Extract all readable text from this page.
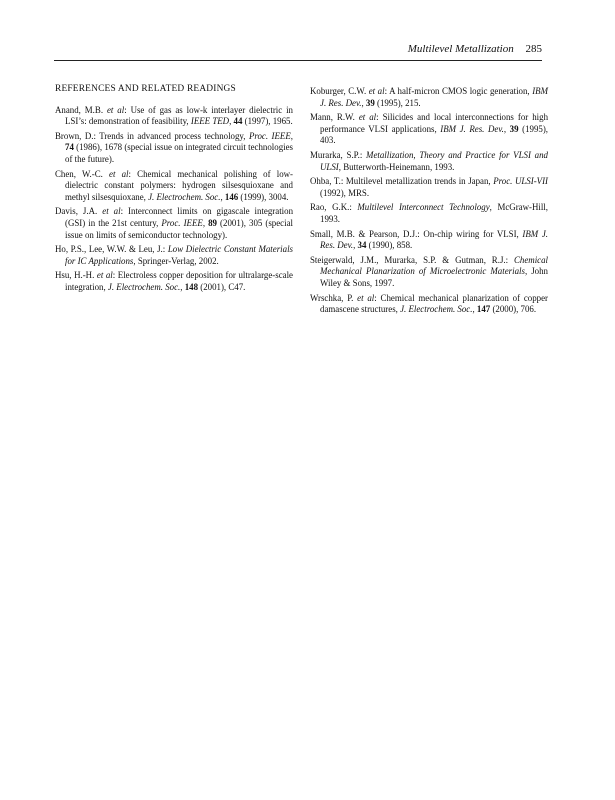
Multilevel Metallization 285
REFERENCES AND RELATED READINGS

Anand, M.B. et al: Use of gas as low-k interlayer dielectric in LSI’s: demonstration of feasibility, IEEE TED, 44 (1997), 1965.

Brown, D.: Trends in advanced process technology, Proc. IEEE, 74 (1986), 1678 (special issue on integrated circuit technologies of the future).

Chen, W.-C. et al: Chemical mechanical polishing of low-dielectric constant polymers: hydrogen silsesquioxane and methyl silsesquioxane, J. Electrochem. Soc., 146 (1999), 3004.

Davis, J.A. et al: Interconnect limits on gigascale integration (GSI) in the 21st century, Proc. IEEE, 89 (2001), 305 (special issue on limits of semiconductor technology).

Ho, P.S., Lee, W.W. & Leu, J.: Low Dielectric Constant Materials for IC Applications, Springer-Verlag, 2002.

Hsu, H.-H. et al: Electroless copper deposition for ultralarge-scale integration, J. Electrochem. Soc., 148 (2001), C47.

Koburger, C.W. et al: A half-micron CMOS logic generation, IBM J. Res. Dev., 39 (1995), 215.

Mann, R.W. et al: Silicides and local interconnections for high performance VLSI applications, IBM J. Res. Dev., 39 (1995), 403.

Murarka, S.P.: Metallization, Theory and Practice for VLSI and ULSI, Butterworth-Heinemann, 1993.

Ohba, T.: Multilevel metallization trends in Japan, Proc. ULSI-VII (1992), MRS.

Rao, G.K.: Multilevel Interconnect Technology, McGraw-Hill, 1993.

Small, M.B. & Pearson, D.J.: On-chip wiring for VLSI, IBM J. Res. Dev., 34 (1990), 858.

Steigerwald, J.M., Murarka, S.P. & Gutman, R.J.: Chemical Mechanical Planarization of Microelectronic Materials, John Wiley & Sons, 1997.

Wrschka, P. et al: Chemical mechanical planarization of copper damascene structures, J. Electrochem. Soc., 147 (2000), 706.
